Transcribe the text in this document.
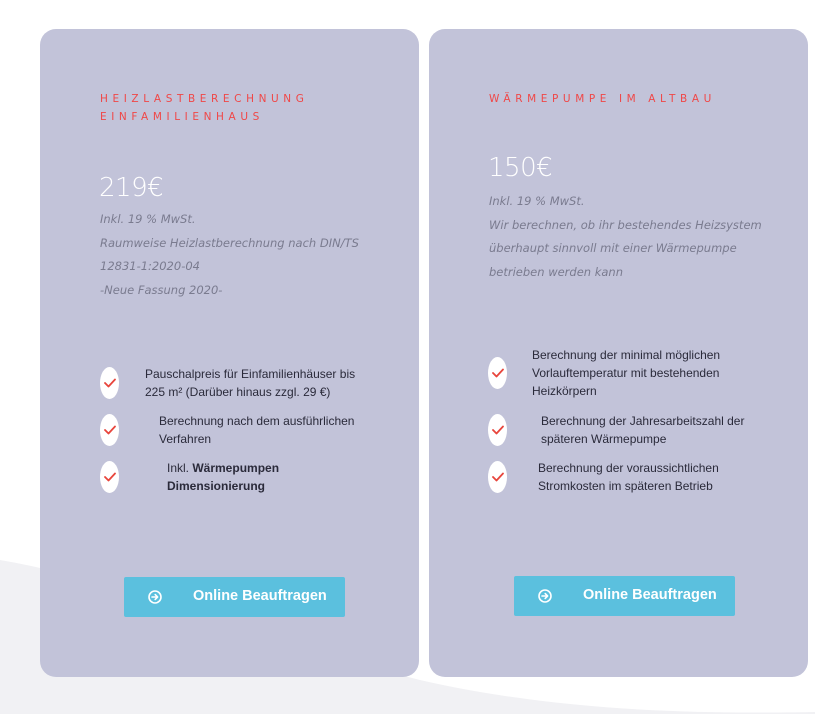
HEIZLASTBERECHNUNG EINFAMILIENHAUS
219€
Inkl. 19 % MwSt.
Raumweise Heizlastberechnung nach DIN/TS
12831-1:2020-04
-Neue Fassung 2020-
Pauschalpreis für Einfamilienhäuser bis
225 m² (Darüber hinaus zzgl. 29 €)
Berechnung nach dem ausführlichen
Verfahren
Inkl. Wärmepumpen
Dimensionierung
Online Beauftragen
WÄRMEPUMPE IM ALTBAU
150€
Inkl. 19 % MwSt.
Wir berechnen, ob ihr bestehendes Heizsystem
überhaupt sinnvoll mit einer Wärmepumpe
betrieben werden kann
Berechnung der minimal möglichen
Vorlauftemperatur mit bestehenden
Heizkörpern
Berechnung der Jahresarbeitszahl der
späteren Wärmepumpe
Berechnung der voraussichtlichen
Stromkosten im späteren Betrieb
Online Beauftragen
